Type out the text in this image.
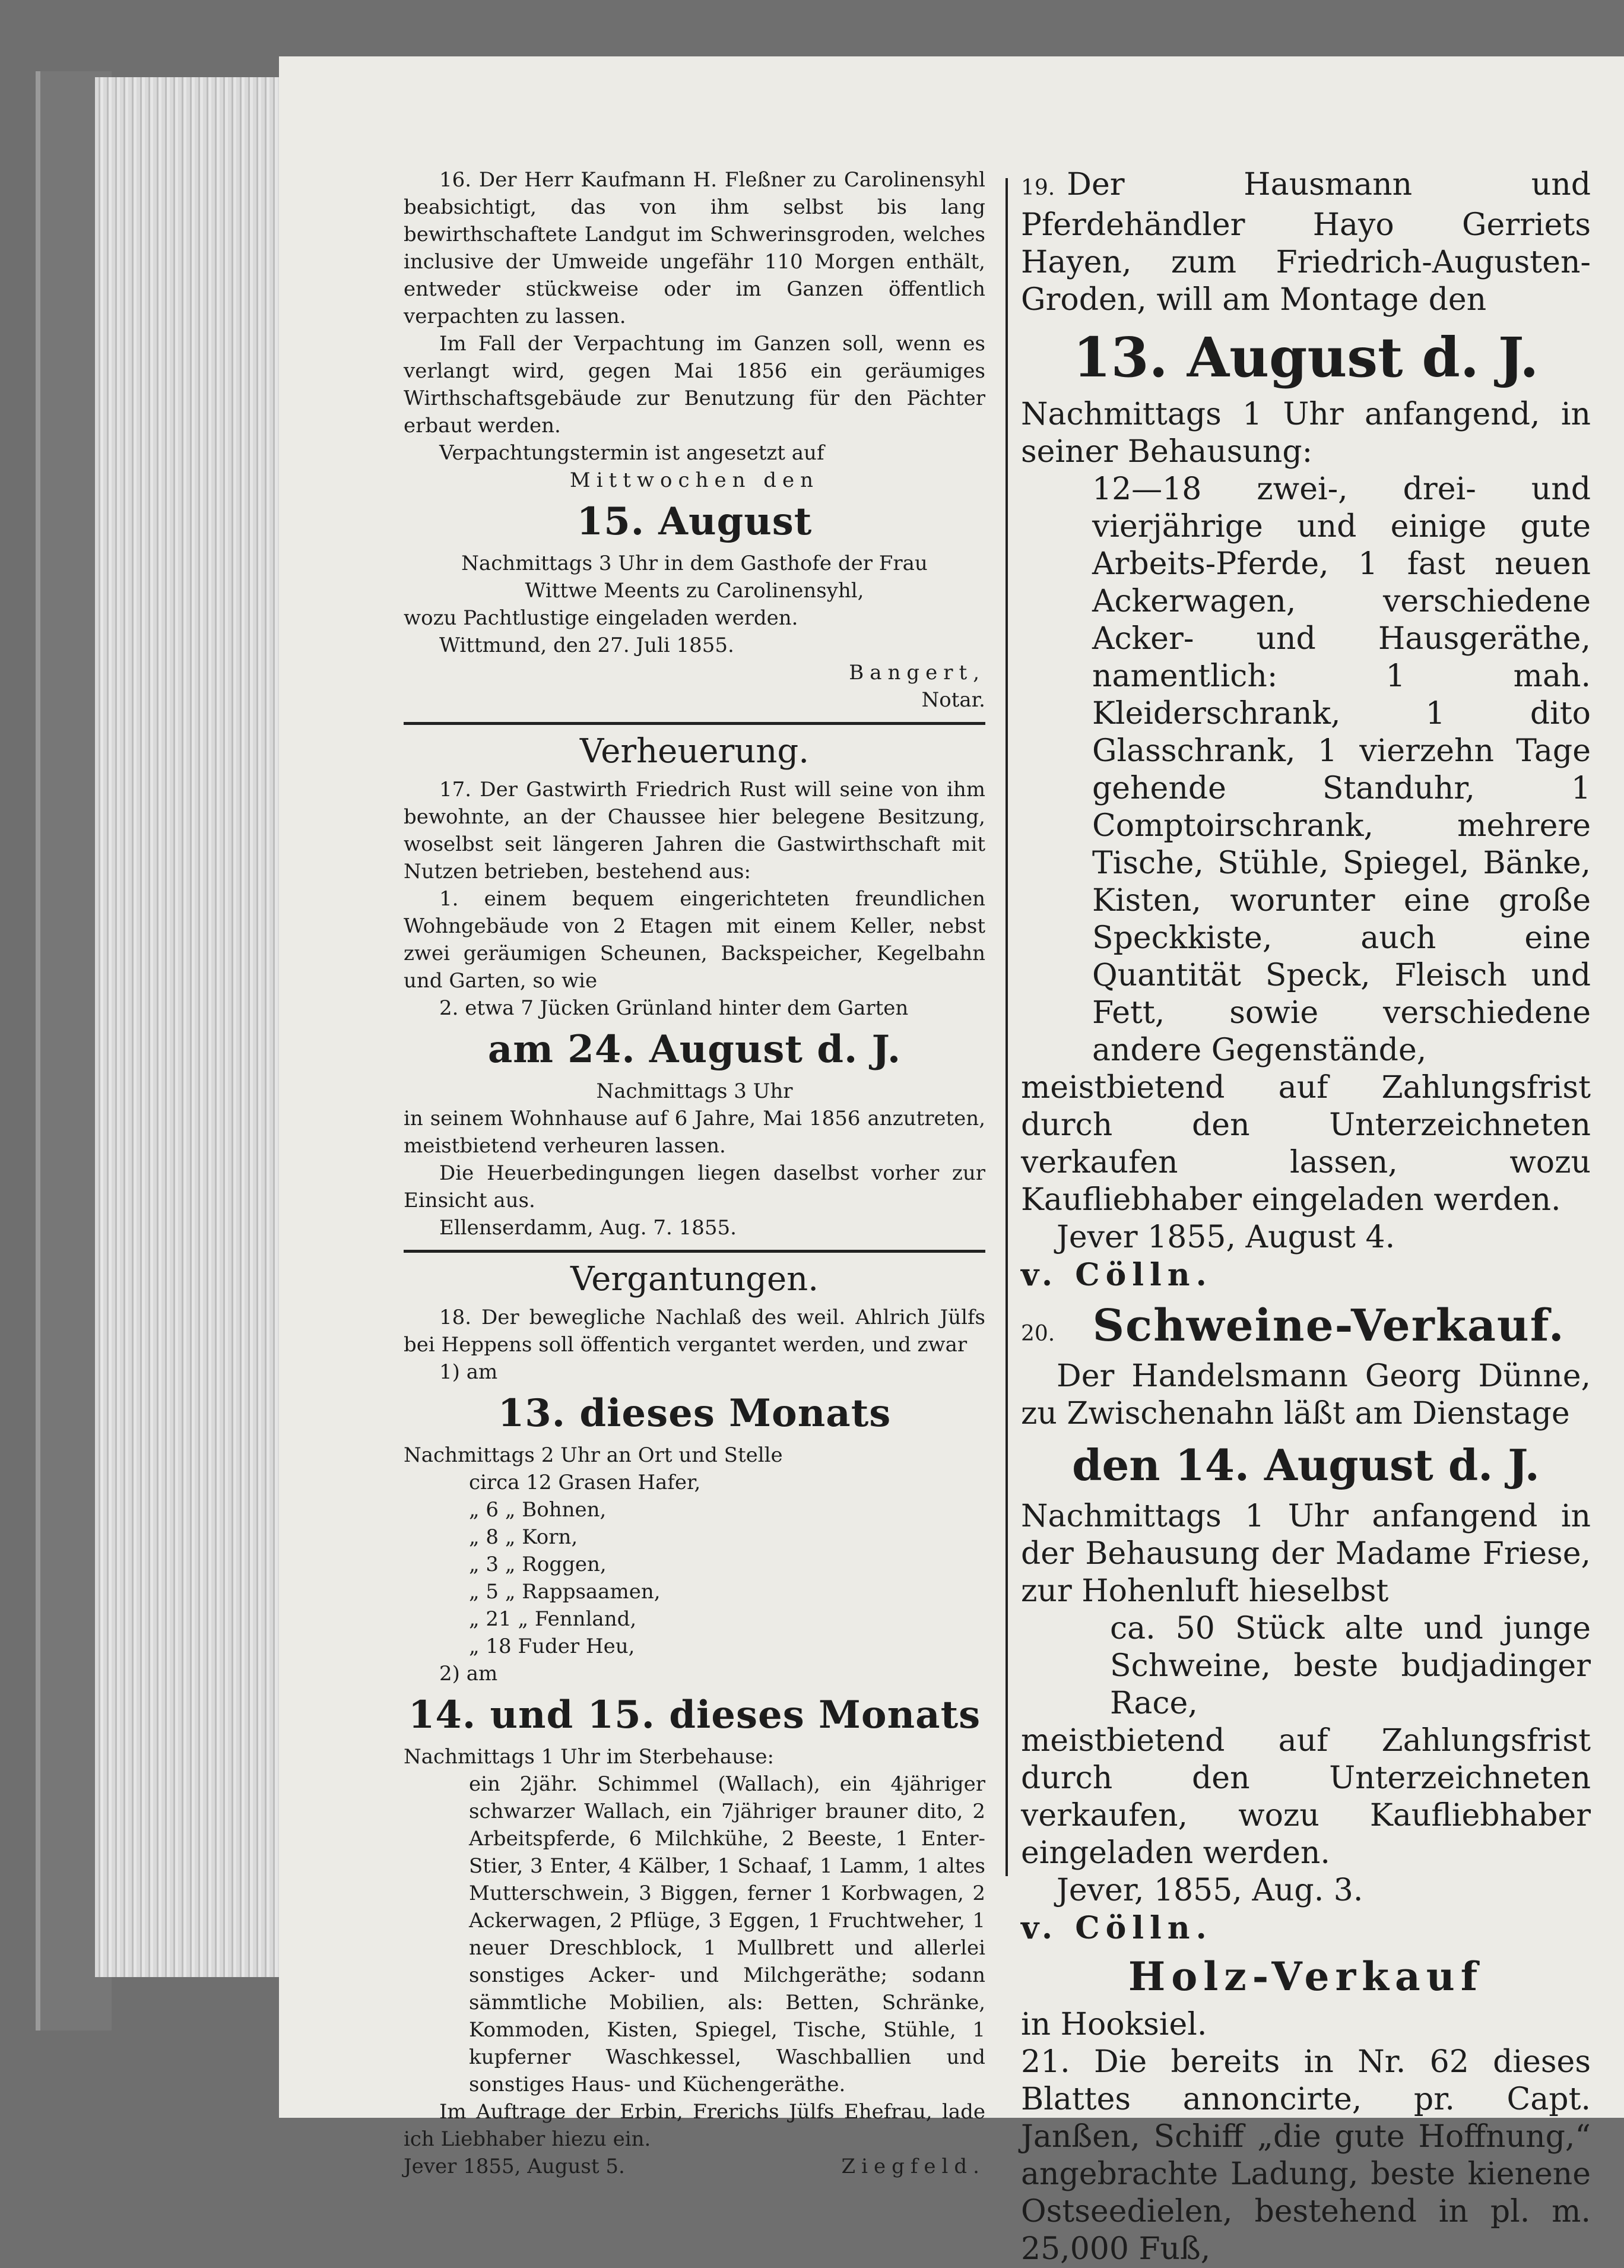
16. Der Herr Kaufmann H. Fleßner zu Carolinensyhl beabsichtigt, das von ihm selbst bis lang bewirthschaftete Landgut im Schwerinsgroden, welches inclusive der Umweide ungefähr 110 Morgen enthält, entweder stückweise oder im Ganzen öffentlich verpachten zu lassen.

Im Fall der Verpachtung im Ganzen soll, wenn es verlangt wird, gegen Mai 1856 ein geräumiges Wirthschaftsgebäude zur Benutzung für den Pächter erbaut werden.

Verpachtungstermin ist angesetzt auf

Mittwochen den

15. August

Nachmittags 3 Uhr in dem Gasthofe der Frau

Wittwe Meents zu Carolinensyhl,

wozu Pachtlustige eingeladen werden.

Wittmund, den 27. Juli 1855.

Bangert,

Notar.

Verheuerung.

17. Der Gastwirth Friedrich Rust will seine von ihm bewohnte, an der Chaussee hier belegene Besitzung, woselbst seit längeren Jahren die Gastwirthschaft mit Nutzen betrieben, bestehend aus:

1. einem bequem eingerichteten freundlichen Wohngebäude von 2 Etagen mit einem Keller, nebst zwei geräumigen Scheunen, Backspeicher, Kegelbahn und Garten, so wie

2. etwa 7 Jücken Grünland hinter dem Garten

am 24. August d. J.

Nachmittags 3 Uhr

in seinem Wohnhause auf 6 Jahre, Mai 1856 anzutreten, meistbietend verheuren lassen.

Die Heuerbedingungen liegen daselbst vorher zur Einsicht aus.

Ellenserdamm, Aug. 7. 1855.

Vergantungen.

18. Der bewegliche Nachlaß des weil. Ahlrich Jülfs bei Heppens soll öffentich vergantet werden, und zwar

1) am

13. dieses Monats

Nachmittags 2 Uhr an Ort und Stelle

circa 12 Grasen Hafer,
„ 6 „ Bohnen,
„ 8 „ Korn,
„ 3 „ Roggen,
„ 5 „ Rappsaamen,
„ 21 „ Fennland,
„ 18 Fuder Heu,

2) am

14. und 15. dieses Monats

Nachmittags 1 Uhr im Sterbehause:

ein 2jähr. Schimmel (Wallach), ein 4jähriger schwarzer Wallach, ein 7jähriger brauner dito, 2 Arbeitspferde, 6 Milchkühe, 2 Beeste, 1 Enter-Stier, 3 Enter, 4 Kälber, 1 Schaaf, 1 Lamm, 1 altes Mutterschwein, 3 Biggen, ferner 1 Korbwagen, 2 Ackerwagen, 2 Pflüge, 3 Eggen, 1 Fruchtweher, 1 neuer Dreschblock, 1 Mullbrett und allerlei sonstiges Acker- und Milchgeräthe; sodann sämmtliche Mobilien, als: Betten, Schränke, Kommoden, Kisten, Spiegel, Tische, Stühle, 1 kupferner Waschkessel, Waschballien und sonstiges Haus- und Küchengeräthe.

Im Auftrage der Erbin, Frerichs Jülfs Ehefrau, lade ich Liebhaber hiezu ein.

Jever 1855, August 5.	Ziegfeld.

19. Der Hausmann und Pferdehändler Hayo Gerriets Hayen, zum Friedrich-Augusten-Groden, will am Montage den

13. August d. J.

Nachmittags 1 Uhr anfangend, in seiner Behausung:

12—18 zwei-, drei- und vierjährige und einige gute Arbeits-Pferde, 1 fast neuen Ackerwagen, verschiedene Acker- und Hausgeräthe, namentlich: 1 mah. Kleiderschrank, 1 dito Glasschrank, 1 vierzehn Tage gehende Standuhr, 1 Comptoirschrank, mehrere Tische, Stühle, Spiegel, Bänke, Kisten, worunter eine große Speckkiste, auch eine Quantität Speck, Fleisch und Fett, sowie verschiedene andere Gegenstände,

meistbietend auf Zahlungsfrist durch den Unterzeichneten verkaufen lassen, wozu Kaufliebhaber eingeladen werden.

Jever 1855, August 4.

v. Cölln.

20. Schweine-Verkauf.

Der Handelsmann Georg Dünne, zu Zwischenahn läßt am Dienstage

den 14. August d. J.

Nachmittags 1 Uhr anfangend in der Behausung der Madame Friese, zur Hohenluft hieselbst

ca. 50 Stück alte und junge Schweine, beste budjadinger Race,

meistbietend auf Zahlungsfrist durch den Unterzeichneten verkaufen, wozu Kaufliebhaber eingeladen werden.

Jever, 1855, Aug. 3.

v. Cölln.

Holz-Verkauf

in Hooksiel.

21. Die bereits in Nr. 62 dieses Blattes annoncirte, pr. Capt. Janßen, Schiff „die gute Hoffnung,“ angebrachte Ladung, beste kienene Ostseedielen, bestehend in pl. m. 25,000 Fuß,
